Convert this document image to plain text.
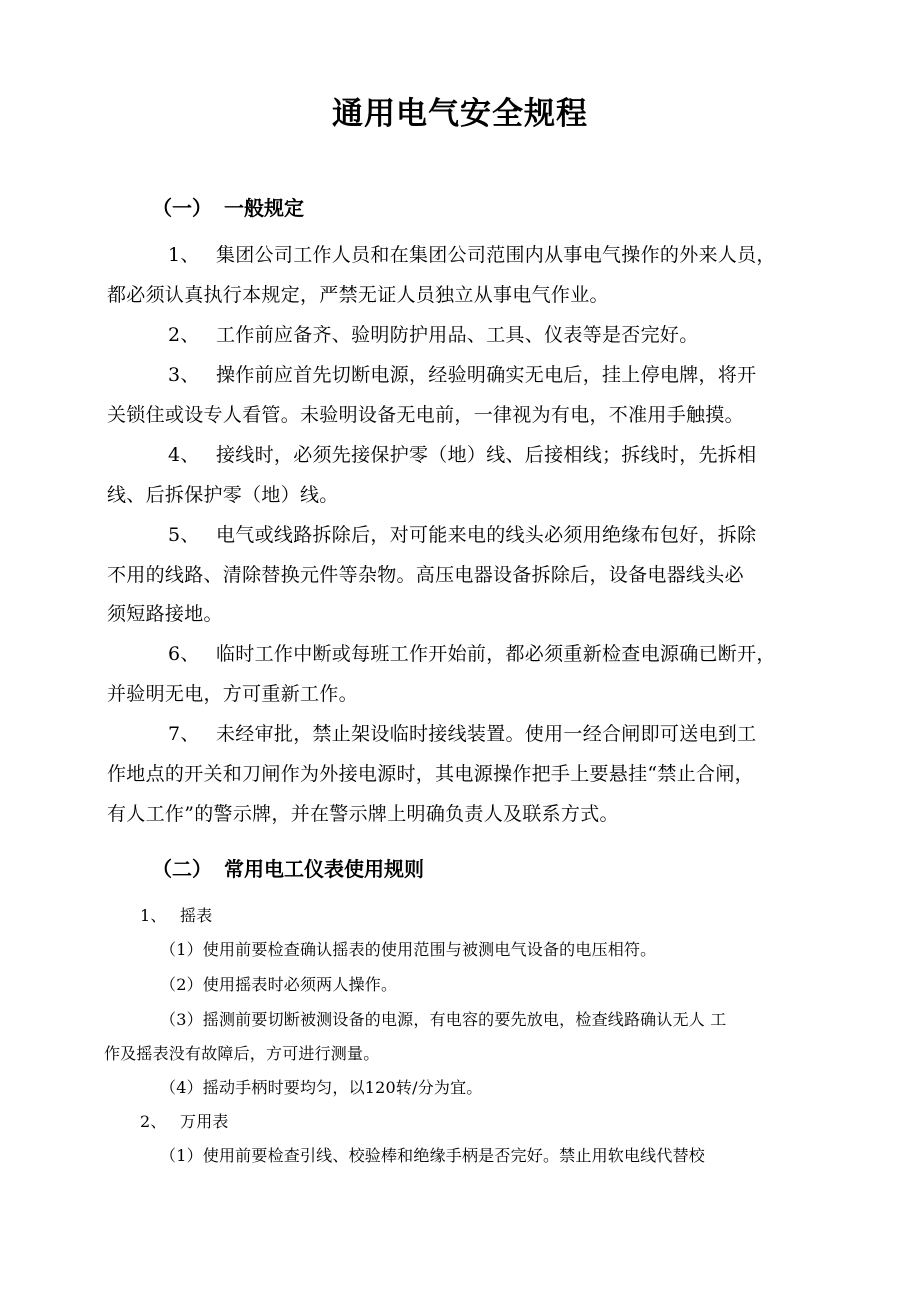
通用电气安全规程
（一） 一般规定
1、 集团公司工作人员和在集团公司范围内从事电气操作的外来人员，
都必须认真执行本规定，严禁无证人员独立从事电气作业。
2、 工作前应备齐、验明防护用品、工具、仪表等是否完好。
3、 操作前应首先切断电源，经验明确实无电后，挂上停电牌，将开
关锁住或设专人看管。未验明设备无电前，一律视为有电，不准用手触摸。
4、 接线时，必须先接保护零（地）线、后接相线；拆线时，先拆相
线、后拆保护零（地）线。
5、 电气或线路拆除后，对可能来电的线头必须用绝缘布包好，拆除
不用的线路、清除替换元件等杂物。高压电器设备拆除后，设备电器线头必
须短路接地。
6、 临时工作中断或每班工作开始前，都必须重新检查电源确已断开，
并验明无电，方可重新工作。
7、 未经审批，禁止架设临时接线装置。使用一经合闸即可送电到工
作地点的开关和刀闸作为外接电源时，其电源操作把手上要悬挂“禁止合闸，
有人工作”的警示牌，并在警示牌上明确负责人及联系方式。
（二） 常用电工仪表使用规则
1、 摇表
（1）使用前要检查确认摇表的使用范围与被测电气设备的电压相符。
（2）使用摇表时必须两人操作。
（3）摇测前要切断被测设备的电源，有电容的要先放电，检查线路确认无人 工
作及摇表没有故障后，方可进行测量。
（4）摇动手柄时要均匀，以120转/分为宜。
2、 万用表
（1）使用前要检查引线、校验棒和绝缘手柄是否完好。禁止用软电线代替校
